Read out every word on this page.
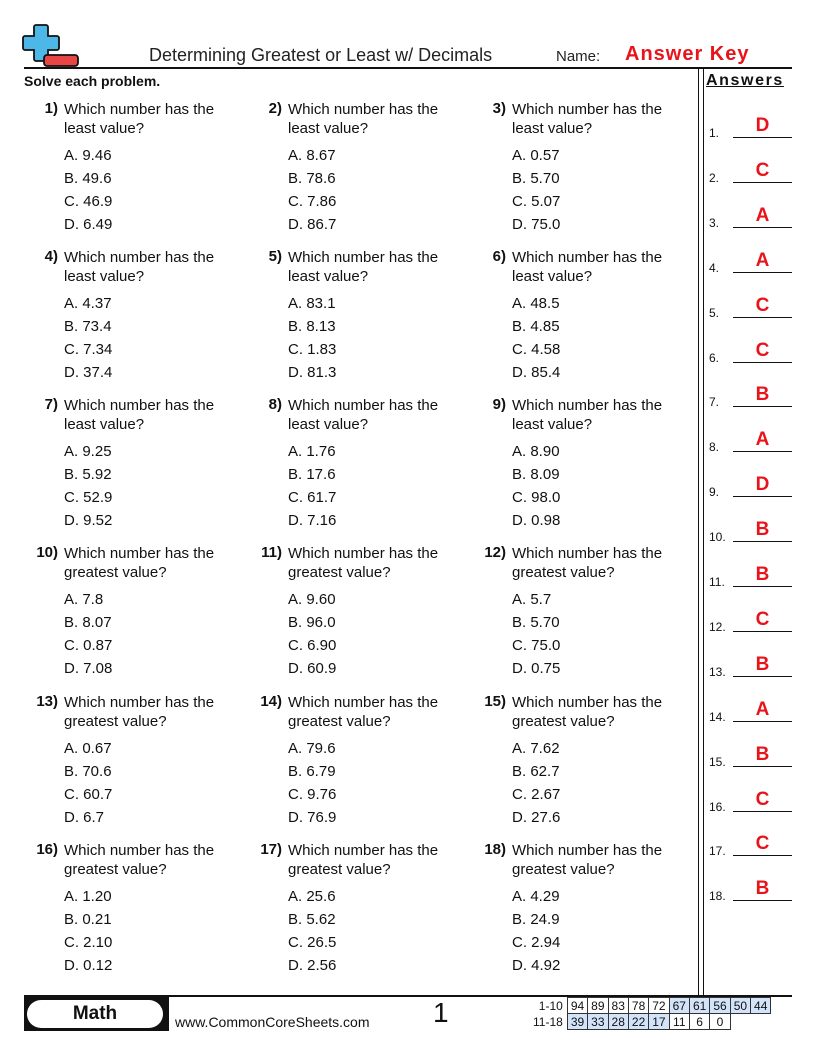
Determining Greatest or Least w/ Decimals	Name: Answer Key
Solve each problem.	Answers
1) Which number has the least value?
A. 9.46
B. 49.6
C. 46.9
D. 6.49
2) Which number has the least value?
A. 8.67
B. 78.6
C. 7.86
D. 86.7
3) Which number has the least value?
A. 0.57
B. 5.70
C. 5.07
D. 75.0
4) Which number has the least value?
A. 4.37
B. 73.4
C. 7.34
D. 37.4
5) Which number has the least value?
A. 83.1
B. 8.13
C. 1.83
D. 81.3
6) Which number has the least value?
A. 48.5
B. 4.85
C. 4.58
D. 85.4
7) Which number has the least value?
A. 9.25
B. 5.92
C. 52.9
D. 9.52
8) Which number has the least value?
A. 1.76
B. 17.6
C. 61.7
D. 7.16
9) Which number has the least value?
A. 8.90
B. 8.09
C. 98.0
D. 0.98
10) Which number has the greatest value?
A. 7.8
B. 8.07
C. 0.87
D. 7.08
11) Which number has the greatest value?
A. 9.60
B. 96.0
C. 6.90
D. 60.9
12) Which number has the greatest value?
A. 5.7
B. 5.70
C. 75.0
D. 0.75
13) Which number has the greatest value?
A. 0.67
B. 70.6
C. 60.7
D. 6.7
14) Which number has the greatest value?
A. 79.6
B. 6.79
C. 9.76
D. 76.9
15) Which number has the greatest value?
A. 7.62
B. 62.7
C. 2.67
D. 27.6
16) Which number has the greatest value?
A. 1.20
B. 0.21
C. 2.10
D. 0.12
17) Which number has the greatest value?
A. 25.6
B. 5.62
C. 26.5
D. 2.56
18) Which number has the greatest value?
A. 4.29
B. 24.9
C. 2.94
D. 4.92
1.	D
2.	C
3.	A
4.	A
5.	C
6.	C
7.	B
8.	A
9.	D
10.	B
11.	B
12.	C
13.	B
14.	A
15.	B
16.	C
17.	C
18.	B
Math	www.CommonCoreSheets.com 1	1-10	94	89	83	78	72	67	61	56	50	44
11-18	39	33	28	22	17	11	6	0		
